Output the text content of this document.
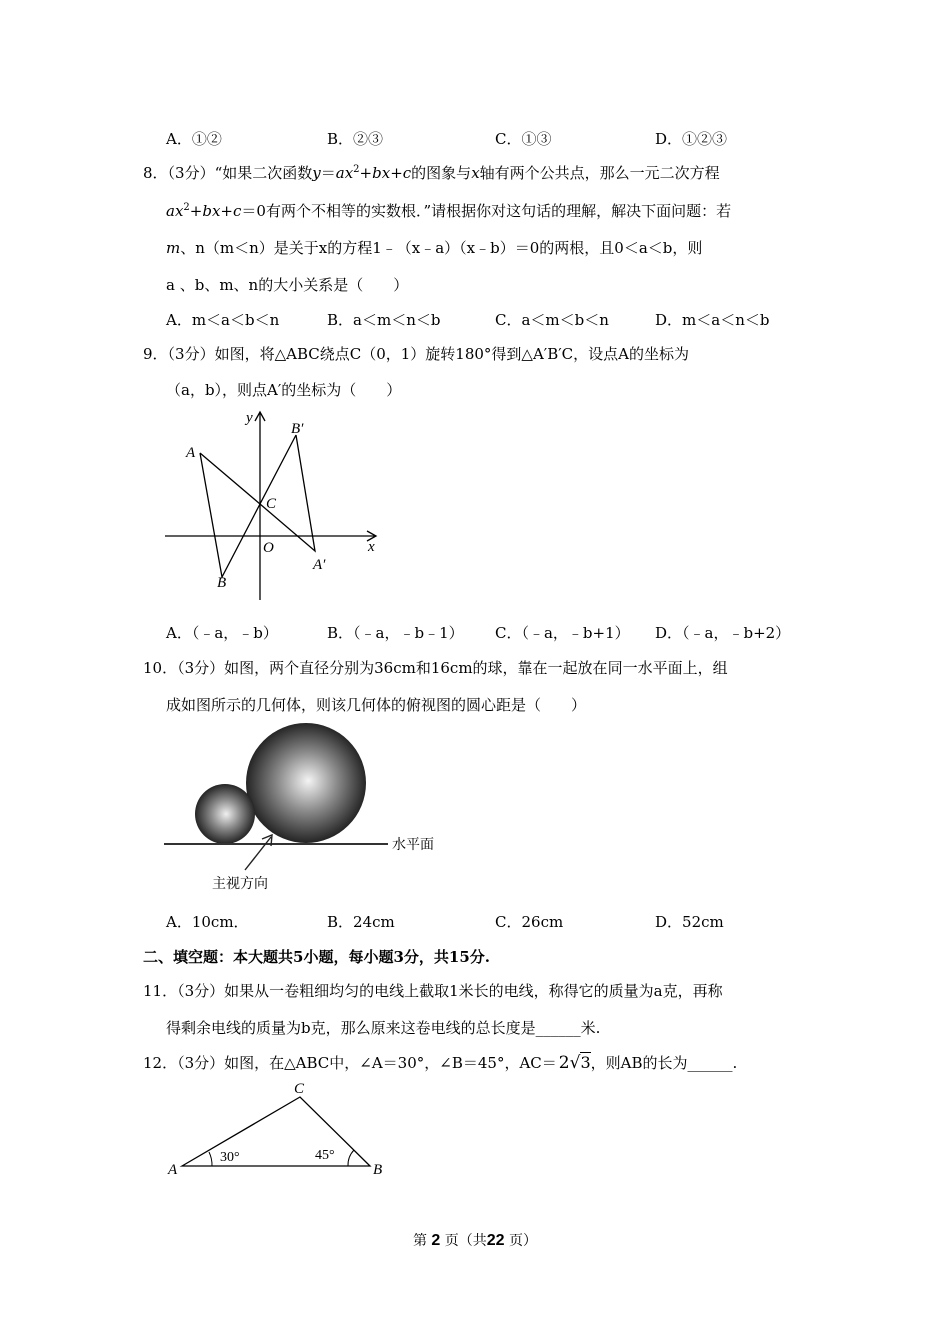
A．①②	B．②③	C．①③	D．①②③
8．（3分）“如果二次函数$y=ax^2+bx+c$的图象与x轴有两个公共点，那么一元二次方程
$ax^2+bx+c=0$有两个不相等的实数根．”请根据你对这句话的理解，解决下面问题：若
m、n（m＜n）是关于x的方程1﹣（x﹣a）（x﹣b）＝0的两根，且0＜a＜b，则
a 、b、m、n的大小关系是（　　）
A．m＜a＜b＜n	B．a＜m＜n＜b	C．a＜m＜b＜n	D．m＜a＜n＜b
9．（3分）如图，将△ABC绕点C（0，1）旋转180°得到△A′B′C，设点A的坐标为
（a，b），则点A′的坐标为（　　）
y
x
A
B
C
O
A′
B′
A．（﹣a，﹣b）	B．（﹣a，﹣b﹣1） C．（﹣a，﹣b+1） D．（﹣a，﹣b+2）
10．（3分）如图，两个直径分别为36cm和16cm的球，靠在一起放在同一水平面上，组
成如图所示的几何体，则该几何体的俯视图的圆心距是（　　）
水平面
主视方向
A．10cm．	B．24cm	C．26cm	D．52cm
二、填空题：本大题共5小题，每小题3分，共15分.
11．（3分）如果从一卷粗细均匀的电线上截取1米长的电线，称得它的质量为a克，再称
得剩余电线的质量为b克，那么原来这卷电线的总长度是______米.
12．（3分）如图，在△ABC中，∠A＝30°，∠B＝45°，AC＝ 2√3，则AB的长为______.
A	B
C
30°	45°
第 2 页（共22 页）
